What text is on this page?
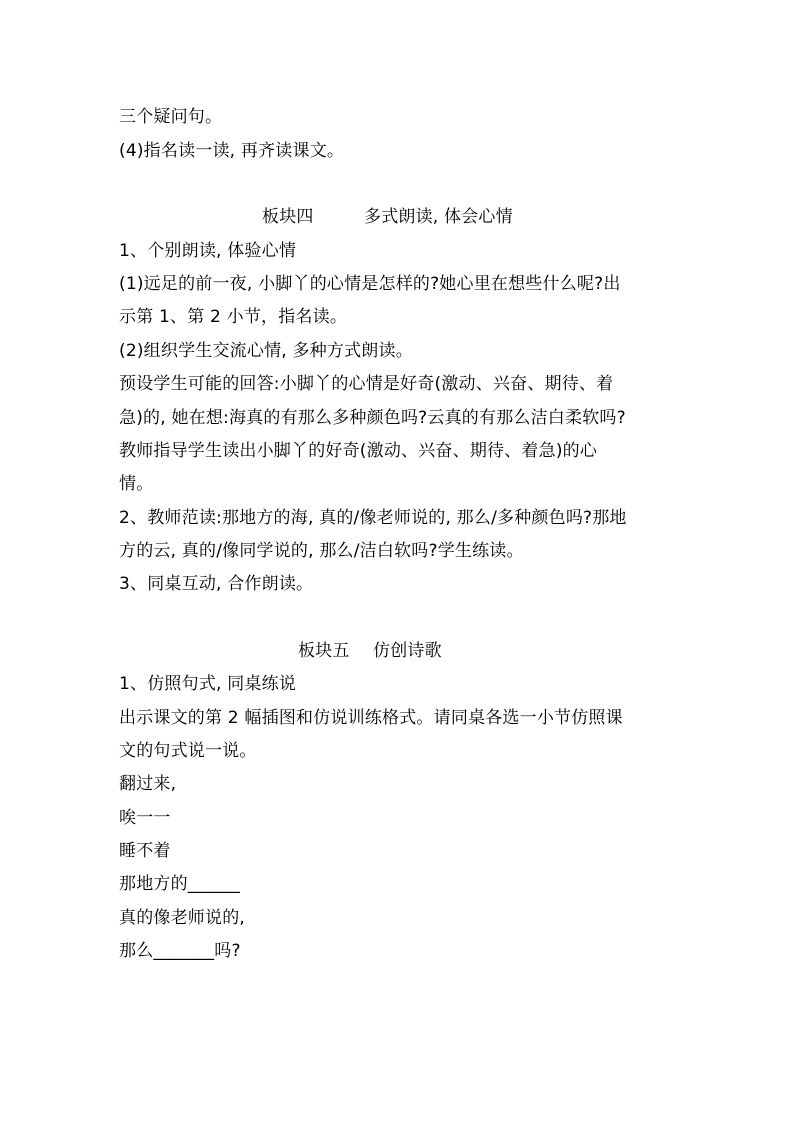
三个疑问句。
(4)指名读一读, 再齐读课文。
板块四	多式朗读, 体会心情
1、个别朗读, 体验心情
(1)远足的前一夜, 小脚丫的心情是怎样的?她心里在想些什么呢?出
示第 1、第 2 小节，指名读。
(2)组织学生交流心情, 多种方式朗读。
预设学生可能的回答:小脚丫的心情是好奇(激动、兴奋、期待、着
急)的, 她在想:海真的有那么多种颜色吗?云真的有那么洁白柔软吗?
教师指导学生读出小脚丫的好奇(激动、兴奋、期待、着急)的心
情。
2、教师范读:那地方的海, 真的/像老师说的, 那么/多种颜色吗?那地
方的云, 真的/像同学说的, 那么/洁白软吗?学生练读。
3、同桌互动, 合作朗读。
板块五 仿创诗歌
1、仿照句式, 同桌练说
出示课文的第 2 幅插图和仿说训练格式。请同桌各选一小节仿照课
文的句式说一说。
翻过来,
唉一一
睡不着
那地方的______
真的像老师说的,
那么_______吗?
